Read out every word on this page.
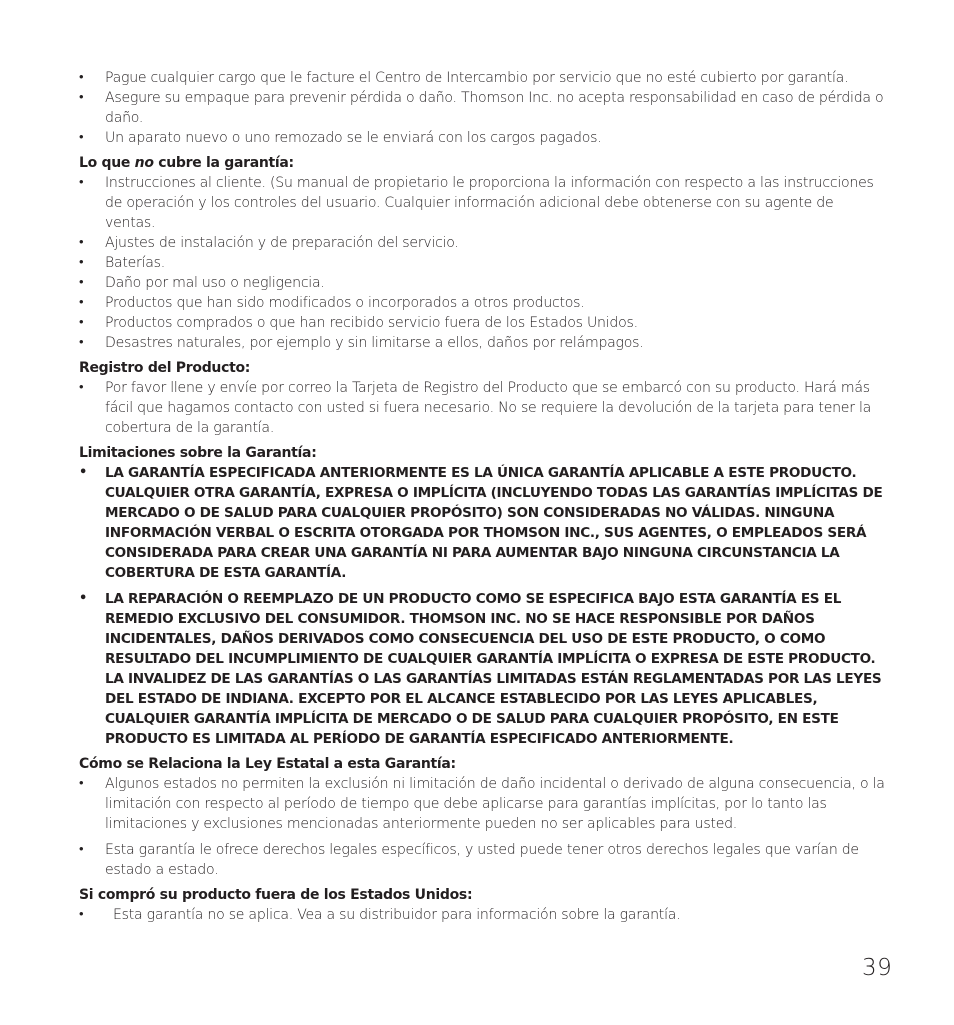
• Pague cualquier cargo que le facture el Centro de Intercambio por servicio que no esté cubierto por garantía.
• Asegure su empaque para prevenir pérdida o daño. Thomson Inc. no acepta responsabilidad en caso de pérdida o daño.
• Un aparato nuevo o uno remozado se le enviará con los cargos pagados.
Lo que no cubre la garantía:
• Instrucciones al cliente. (Su manual de propietario le proporciona la información con respecto a las instrucciones de operación y los controles del usuario. Cualquier información adicional debe obtenerse con su agente de ventas.
• Ajustes de instalación y de preparación del servicio.
• Baterías.
• Daño por mal uso o negligencia.
• Productos que han sido modificados o incorporados a otros productos.
• Productos comprados o que han recibido servicio fuera de los Estados Unidos.
• Desastres naturales, por ejemplo y sin limitarse a ellos, daños por relámpagos.
Registro del Producto:
• Por favor llene y envíe por correo la Tarjeta de Registro del Producto que se embarcó con su producto. Hará más fácil que hagamos contacto con usted si fuera necesario. No se requiere la devolución de la tarjeta para tener la cobertura de la garantía.
Limitaciones sobre la Garantía:
• LA GARANTÍA ESPECIFICADA ANTERIORMENTE ES LA ÚNICA GARANTÍA APLICABLE A ESTE PRODUCTO. CUALQUIER OTRA GARANTÍA, EXPRESA O IMPLÍCITA (INCLUYENDO TODAS LAS GARANTÍAS IMPLÍCITAS DE MERCADO O DE SALUD PARA CUALQUIER PROPÓSITO) SON CONSIDERADAS NO VÁLIDAS. NINGUNA INFORMACIÓN VERBAL O ESCRITA OTORGADA POR THOMSON INC., SUS AGENTES, O EMPLEADOS SERÁ CONSIDERADA PARA CREAR UNA GARANTÍA NI PARA AUMENTAR BAJO NINGUNA CIRCUNSTANCIA LA COBERTURA DE ESTA GARANTÍA.
• LA REPARACIÓN O REEMPLAZO DE UN PRODUCTO COMO SE ESPECIFICA BAJO ESTA GARANTÍA ES EL REMEDIO EXCLUSIVO DEL CONSUMIDOR. THOMSON INC. NO SE HACE RESPONSIBLE POR DAÑOS INCIDENTALES, DAÑOS DERIVADOS COMO CONSECUENCIA DEL USO DE ESTE PRODUCTO, O COMO RESULTADO DEL INCUMPLIMIENTO DE CUALQUIER GARANTÍA IMPLÍCITA O EXPRESA DE ESTE PRODUCTO. LA INVALIDEZ DE LAS GARANTÍAS O LAS GARANTÍAS LIMITADAS ESTÁN REGLAMENTADAS POR LAS LEYES DEL ESTADO DE INDIANA. EXCEPTO POR EL ALCANCE ESTABLECIDO POR LAS LEYES APLICABLES, CUALQUIER GARANTÍA IMPLÍCITA DE MERCADO O DE SALUD PARA CUALQUIER PROPÓSITO, EN ESTE PRODUCTO ES LIMITADA AL PERÍODO DE GARANTÍA ESPECIFICADO ANTERIORMENTE.
Cómo se Relaciona la Ley Estatal a esta Garantía:
• Algunos estados no permiten la exclusión ni limitación de daño incidental o derivado de alguna consecuencia, o la limitación con respecto al período de tiempo que debe aplicarse para garantías implícitas, por lo tanto las limitaciones y exclusiones mencionadas anteriormente pueden no ser aplicables para usted.
• Esta garantía le ofrece derechos legales específicos, y usted puede tener otros derechos legales que varían de estado a estado.
Si compró su producto fuera de los Estados Unidos:
• Esta garantía no se aplica. Vea a su distribuidor para información sobre la garantía.
39
